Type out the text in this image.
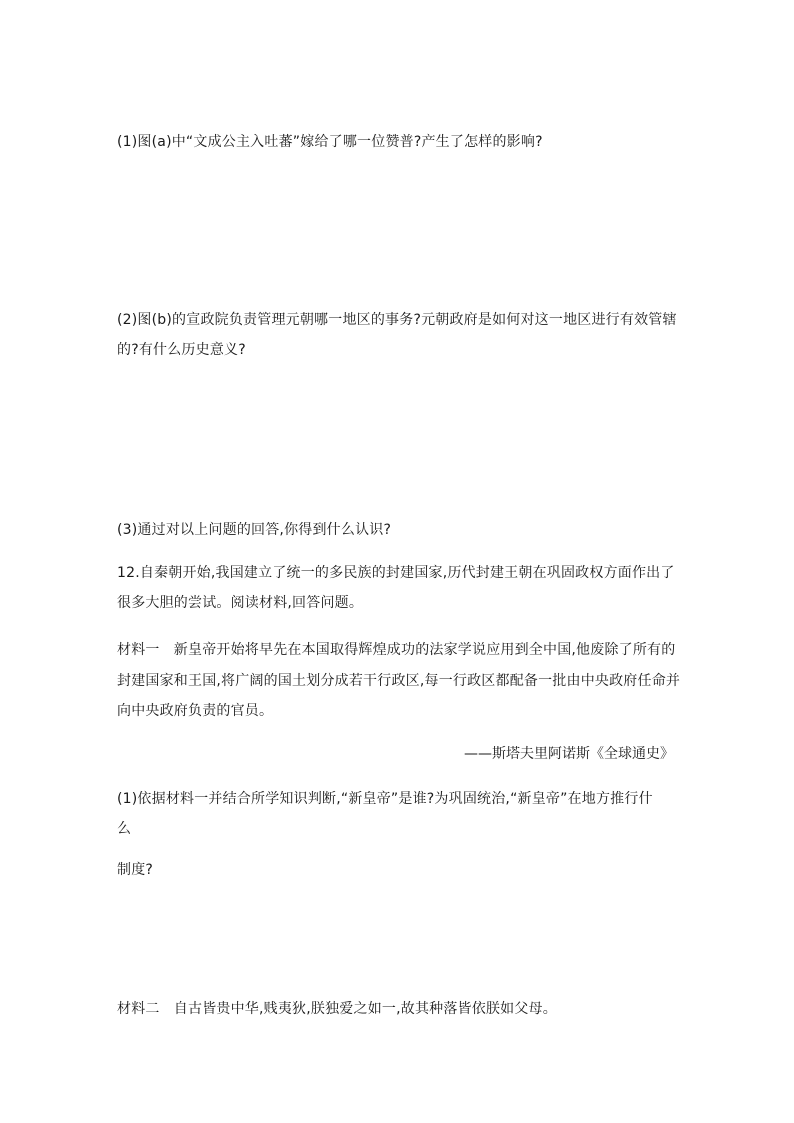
(1)图(a)中“文成公主入吐蕃”嫁给了哪一位赞普?产生了怎样的影响?
(2)图(b)的宣政院负责管理元朝哪一地区的事务?元朝政府是如何对这一地区进行有效管辖
的?有什么历史意义?
(3)通过对以上问题的回答,你得到什么认识?
12.自秦朝开始,我国建立了统一的多民族的封建国家,历代封建王朝在巩固政权方面作出了
很多大胆的尝试。阅读材料,回答问题。
材料一　新皇帝开始将早先在本国取得辉煌成功的法家学说应用到全中国,他废除了所有的
封建国家和王国,将广阔的国土划分成若干行政区,每一行政区都配备一批由中央政府任命并
向中央政府负责的官员。
——斯塔夫里阿诺斯《全球通史》
(1)依据材料一并结合所学知识判断,“新皇帝”是谁?为巩固统治,“新皇帝”在地方推行什
么
制度?
材料二　自古皆贵中华,贱夷狄,朕独爱之如一,故其种落皆依朕如父母。
